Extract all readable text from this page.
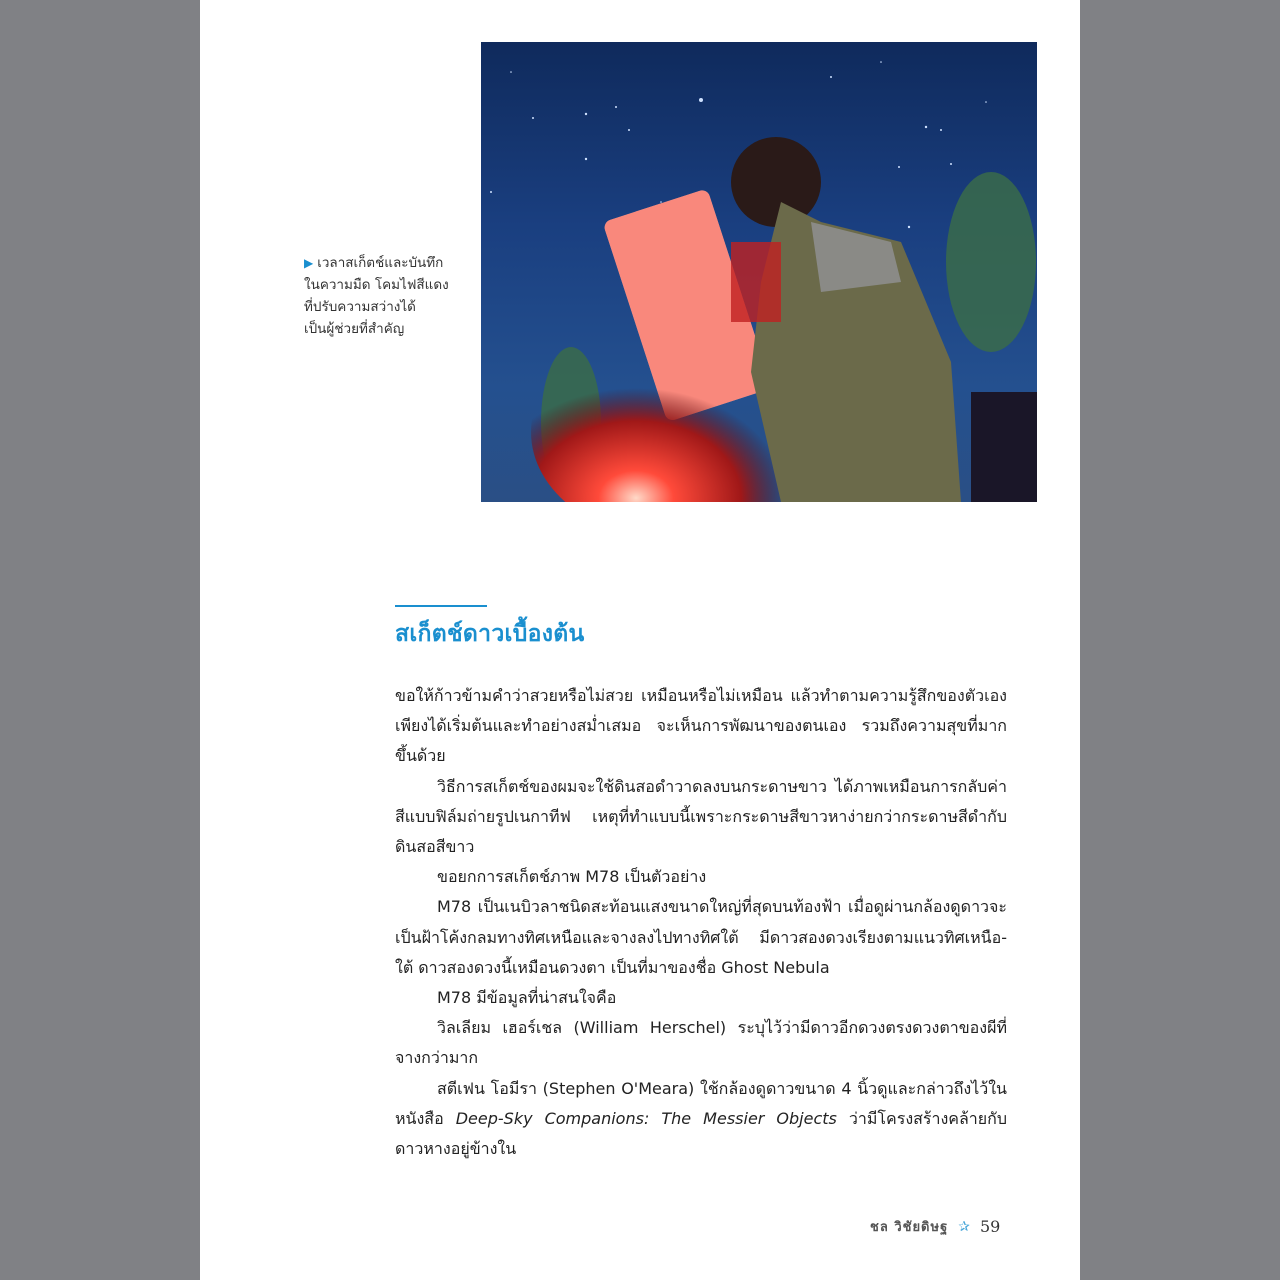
▶ เวลาสเก็ตช์และบันทึก
ในความมืด โคมไฟสีแดง
ที่ปรับความสว่างได้
เป็นผู้ช่วยที่สำคัญ
สเก็ตช์ดาวเบื้องต้น

ขอให้ก้าวข้ามคำว่าสวยหรือไม่สวย เหมือนหรือไม่เหมือน แล้วทำตามความรู้สึกของตัวเอง เพียงได้เริ่มต้นและทำอย่างสม่ำเสมอ จะเห็นการพัฒนาของตนเอง รวมถึงความสุขที่มากขึ้นด้วย

วิธีการสเก็ตช์ของผมจะใช้ดินสอดำวาดลงบนกระดาษขาว ได้ภาพเหมือนการกลับค่าสีแบบฟิล์มถ่ายรูปเนกาทีฟ เหตุที่ทำแบบนี้เพราะกระดาษสีขาวหาง่ายกว่ากระดาษสีดำกับดินสอสีขาว

ขอยกการสเก็ตช์ภาพ M78 เป็นตัวอย่าง

M78 เป็นเนบิวลาชนิดสะท้อนแสงขนาดใหญ่ที่สุดบนท้องฟ้า เมื่อดูผ่านกล้องดูดาวจะเป็นฝ้าโค้งกลมทางทิศเหนือและจางลงไปทางทิศใต้ มีดาวสองดวงเรียงตามแนวทิศเหนือ-ใต้ ดาวสองดวงนี้เหมือนดวงตา เป็นที่มาของชื่อ Ghost Nebula

M78 มีข้อมูลที่น่าสนใจคือ

วิลเลียม เฮอร์เชล (William Herschel) ระบุไว้ว่ามีดาวอีกดวงตรงดวงตาของผีที่จางกว่ามาก

สตีเฟน โอมีรา (Stephen O'Meara) ใช้กล้องดูดาวขนาด 4 นิ้วดูและกล่าวถึงไว้ในหนังสือ Deep-Sky Companions: The Messier Objects ว่ามีโครงสร้างคล้ายกับดาวหางอยู่ข้างใน

ชล วิชัยดิษฐ ✰ 59
